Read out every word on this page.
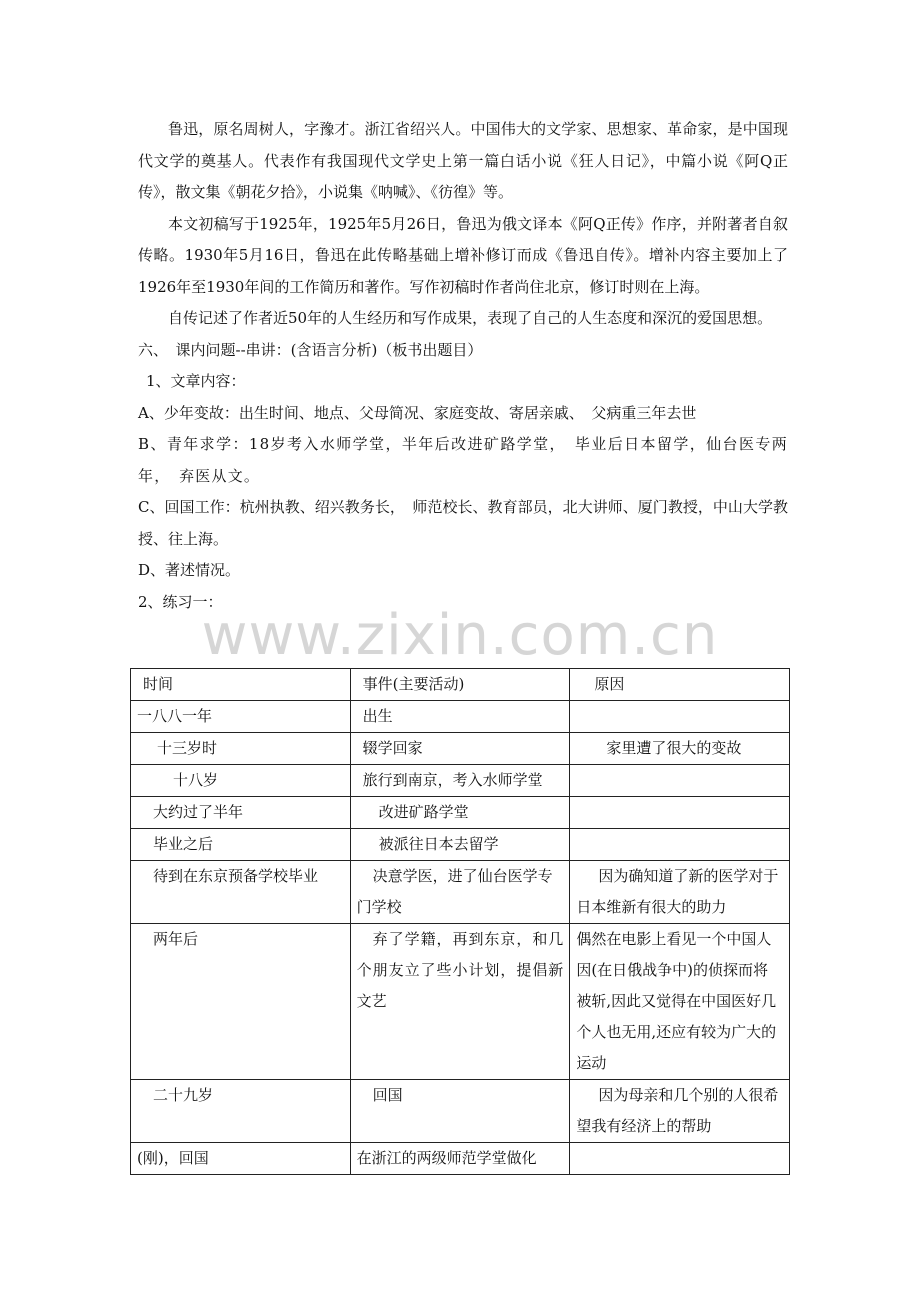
www.zixin.com.cn

鲁迅，原名周树人，字豫才。浙江省绍兴人。中国伟大的文学家、思想家、革命家，是中国现代文学的奠基人。代表作有我国现代文学史上第一篇白话小说《狂人日记》，中篇小说《阿Q正传》，散文集《朝花夕拾》，小说集《呐喊》、《彷徨》等。

本文初稿写于1925年，1925年5月26日，鲁迅为俄文译本《阿Q正传》作序，并附著者自叙传略。1930年5月16日，鲁迅在此传略基础上增补修订而成《鲁迅自传》。增补内容主要加上了1926年至1930年间的工作简历和著作。写作初稿时作者尚住北京，修订时则在上海。

自传记述了作者近50年的人生经历和写作成果，表现了自己的人生态度和深沉的爱国思想。

六、　课内问题--串讲：(含语言分析)（板书出题目）

1、文章内容：

A、少年变故：出生时间、地点、父母简况、家庭变故、寄居亲戚、　父病重三年去世

B、青年求学：18岁考入水师学堂，半年后改进矿路学堂，　毕业后日本留学，仙台医专两年，　弃医从文。

C、回国工作：杭州执教、绍兴教务长，　师范校长、教育部员，北大讲师、厦门教授，中山大学教授、往上海。

D、著述情况。

2、练习一：

时间	事件(主要活动)	原因
一八八一年	出生	
十三岁时	辍学回家	家里遭了很大的变故
十八岁	旅行到南京，考入水师学堂	
大约过了半年	改进矿路学堂	
毕业之后	被派往日本去留学	
待到在东京预备学校毕业	决意学医，进了仙台医学专门学校	因为确知道了新的医学对于日本维新有很大的助力
两年后	弃了学籍，再到东京，和几个朋友立了些小计划，提倡新文艺	偶然在电影上看见一个中国人因(在日俄战争中)的侦探而将被斩,因此又觉得在中国医好几个人也无用,还应有较为广大的运动
二十九岁	回国	因为母亲和几个别的人很希望我有经济上的帮助
(刚)，回国	在浙江的两级师范学堂做化	
